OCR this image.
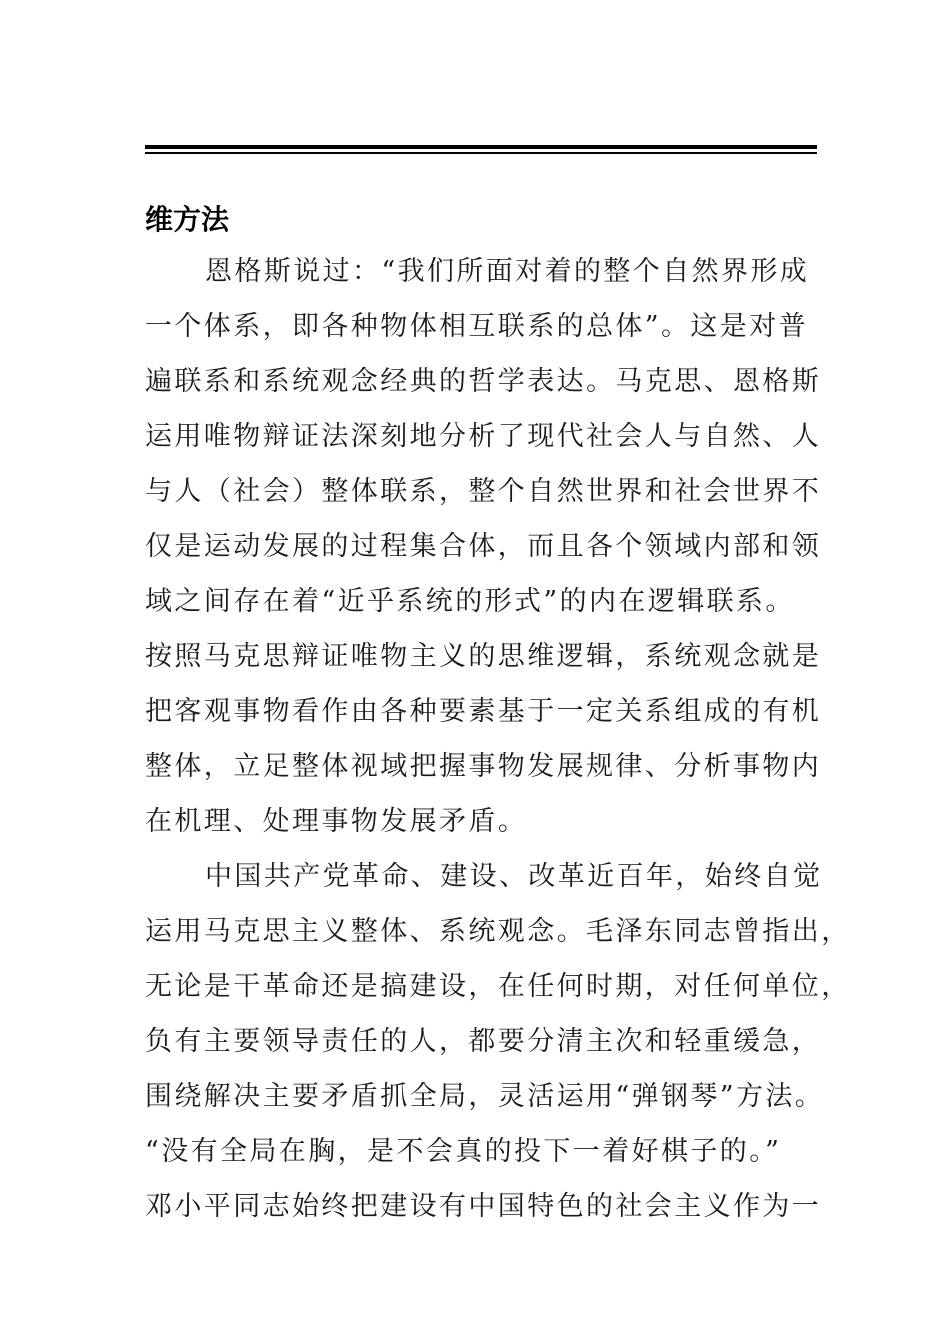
维方法
恩格斯说过：“我们所面对着的整个自然界形成
一个体系，即各种物体相互联系的总体”。这是对普
遍联系和系统观念经典的哲学表达。马克思、恩格斯
运用唯物辩证法深刻地分析了现代社会人与自然、人
与人（社会）整体联系，整个自然世界和社会世界不
仅是运动发展的过程集合体，而且各个领域内部和领
域之间存在着“近乎系统的形式”的内在逻辑联系。
按照马克思辩证唯物主义的思维逻辑，系统观念就是
把客观事物看作由各种要素基于一定关系组成的有机
整体，立足整体视域把握事物发展规律、分析事物内
在机理、处理事物发展矛盾。
中国共产党革命、建设、改革近百年，始终自觉
运用马克思主义整体、系统观念。毛泽东同志曾指出，
无论是干革命还是搞建设，在任何时期，对任何单位，
负有主要领导责任的人，都要分清主次和轻重缓急，
围绕解决主要矛盾抓全局，灵活运用“弹钢琴”方法。
“没有全局在胸，是不会真的投下一着好棋子的。”
邓小平同志始终把建设有中国特色的社会主义作为一
